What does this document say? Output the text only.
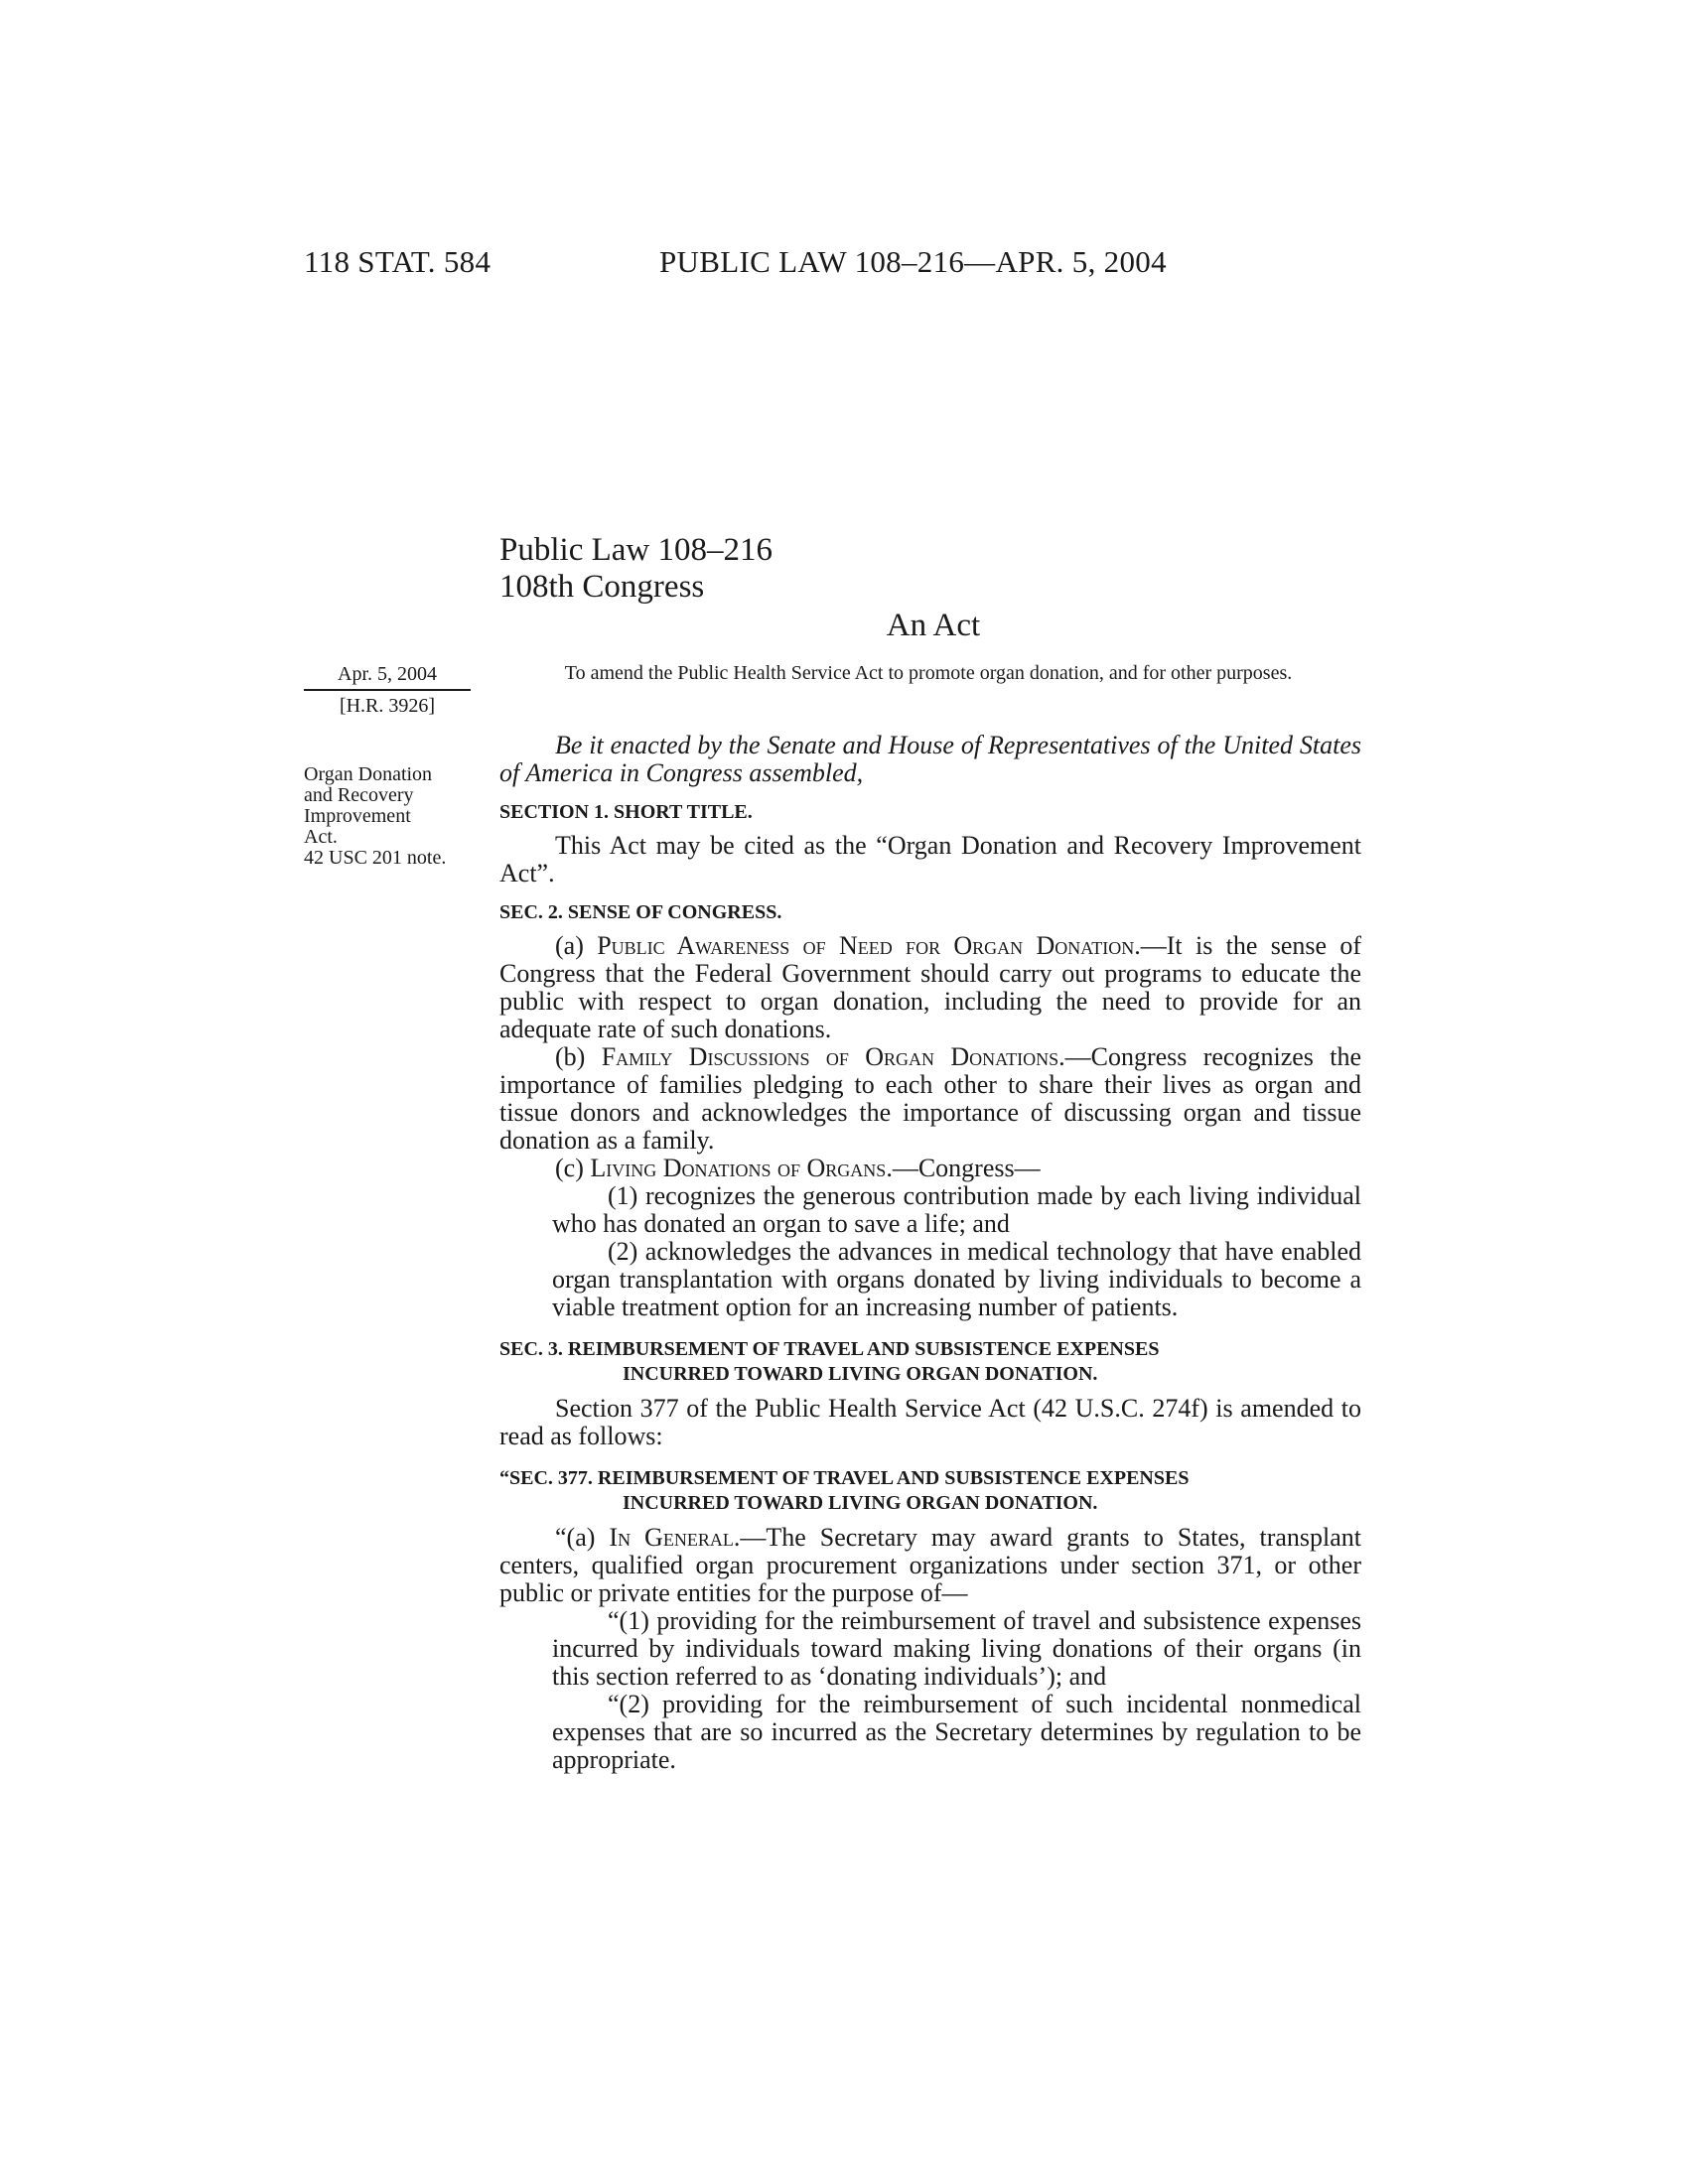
118 STAT. 584	PUBLIC LAW 108–216—APR. 5, 2004
Public Law 108–216
108th Congress
An Act
Apr. 5, 2004
[H.R. 3926]
Organ Donation
and Recovery
Improvement
Act.
42 USC 201 note.
To amend the Public Health Service Act to promote organ donation, and for other purposes.

Be it enacted by the Senate and House of Representatives of the United States of America in Congress assembled,

SECTION 1. SHORT TITLE.

This Act may be cited as the “Organ Donation and Recovery Improvement Act”.

SEC. 2. SENSE OF CONGRESS.

(a) Public Awareness of Need for Organ Donation.—It is the sense of Congress that the Federal Government should carry out programs to educate the public with respect to organ donation, including the need to provide for an adequate rate of such donations.

(b) Family Discussions of Organ Donations.—Congress recognizes the importance of families pledging to each other to share their lives as organ and tissue donors and acknowledges the importance of discussing organ and tissue donation as a family.

(c) Living Donations of Organs.—Congress—

(1) recognizes the generous contribution made by each living individual who has donated an organ to save a life; and

(2) acknowledges the advances in medical technology that have enabled organ transplantation with organs donated by living individuals to become a viable treatment option for an increasing number of patients.

SEC. 3. REIMBURSEMENT OF TRAVEL AND SUBSISTENCE EXPENSES
INCURRED TOWARD LIVING ORGAN DONATION.

Section 377 of the Public Health Service Act (42 U.S.C. 274f) is amended to read as follows:

“SEC. 377. REIMBURSEMENT OF TRAVEL AND SUBSISTENCE EXPENSES
INCURRED TOWARD LIVING ORGAN DONATION.

“(a) In General.—The Secretary may award grants to States, transplant centers, qualified organ procurement organizations under section 371, or other public or private entities for the purpose of—

“(1) providing for the reimbursement of travel and subsistence expenses incurred by individuals toward making living donations of their organs (in this section referred to as ‘donating individuals’); and

“(2) providing for the reimbursement of such incidental nonmedical expenses that are so incurred as the Secretary determines by regulation to be appropriate.
